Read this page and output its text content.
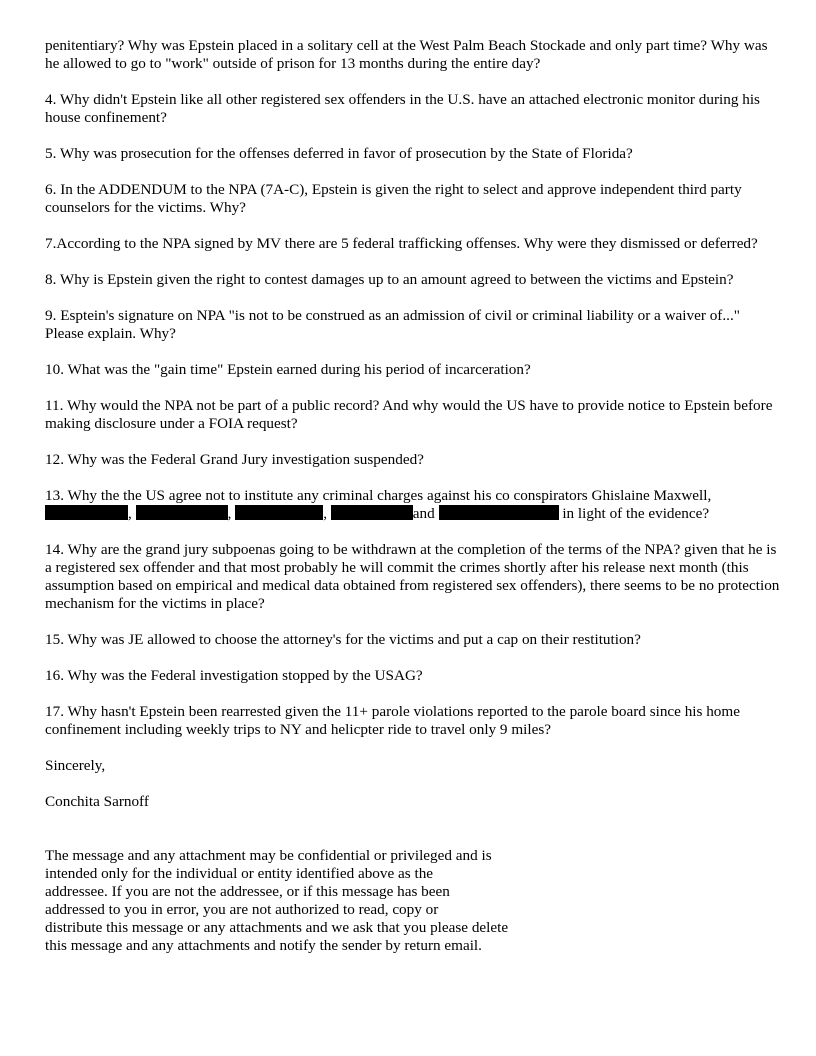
penitentiary? Why was Epstein placed in a solitary cell at the West Palm Beach Stockade and only part time? Why was he allowed to go to "work" outside of prison for 13 months during the entire day?

4. Why didn't Epstein like all other registered sex offenders in the U.S. have an attached electronic monitor during his house confinement?

5. Why was prosecution for the offenses deferred in favor of prosecution by the State of Florida?

6. In the ADDENDUM to the NPA (7A-C), Epstein is given the right to select and approve independent third party counselors for the victims. Why?

7.According to the NPA signed by MV there are 5 federal trafficking offenses. Why were they dismissed or deferred?

8. Why is Epstein given the right to contest damages up to an amount agreed to between the victims and Epstein?

9. Esptein's signature on NPA "is not to be construed as an admission of civil or criminal liability or a waiver of..." Please explain. Why?

10. What was the "gain time" Epstein earned during his period of incarceration?

11. Why would the NPA not be part of a public record? And why would the US have to provide notice to Epstein before making disclosure under a FOIA request?

12. Why was the Federal Grand Jury investigation suspended?

13. Why the the US agree not to institute any criminal charges against his co conspirators Ghislaine Maxwell,
,	,	,	and	in light of the evidence?

14. Why are the grand jury subpoenas going to be withdrawn at the completion of the terms of the NPA? given that he is a registered sex offender and that most probably he will commit the crimes shortly after his release next month (this assumption based on empirical and medical data obtained from registered sex offenders), there seems to be no protection mechanism for the victims in place?

15. Why was JE allowed to choose the attorney's for the victims and put a cap on their restitution?

16. Why was the Federal investigation stopped by the USAG?

17. Why hasn't Epstein been rearrested given the 11+ parole violations reported to the parole board since his home confinement including weekly trips to NY and helicpter ride to travel only 9 miles?

Sincerely,

Conchita Sarnoff

The message and any attachment may be confidential or privileged and is
intended only for the individual or entity identified above as the
addressee. If you are not the addressee, or if this message has been
addressed to you in error, you are not authorized to read, copy or
distribute this message or any attachments and we ask that you please delete
this message and any attachments and notify the sender by return email.
